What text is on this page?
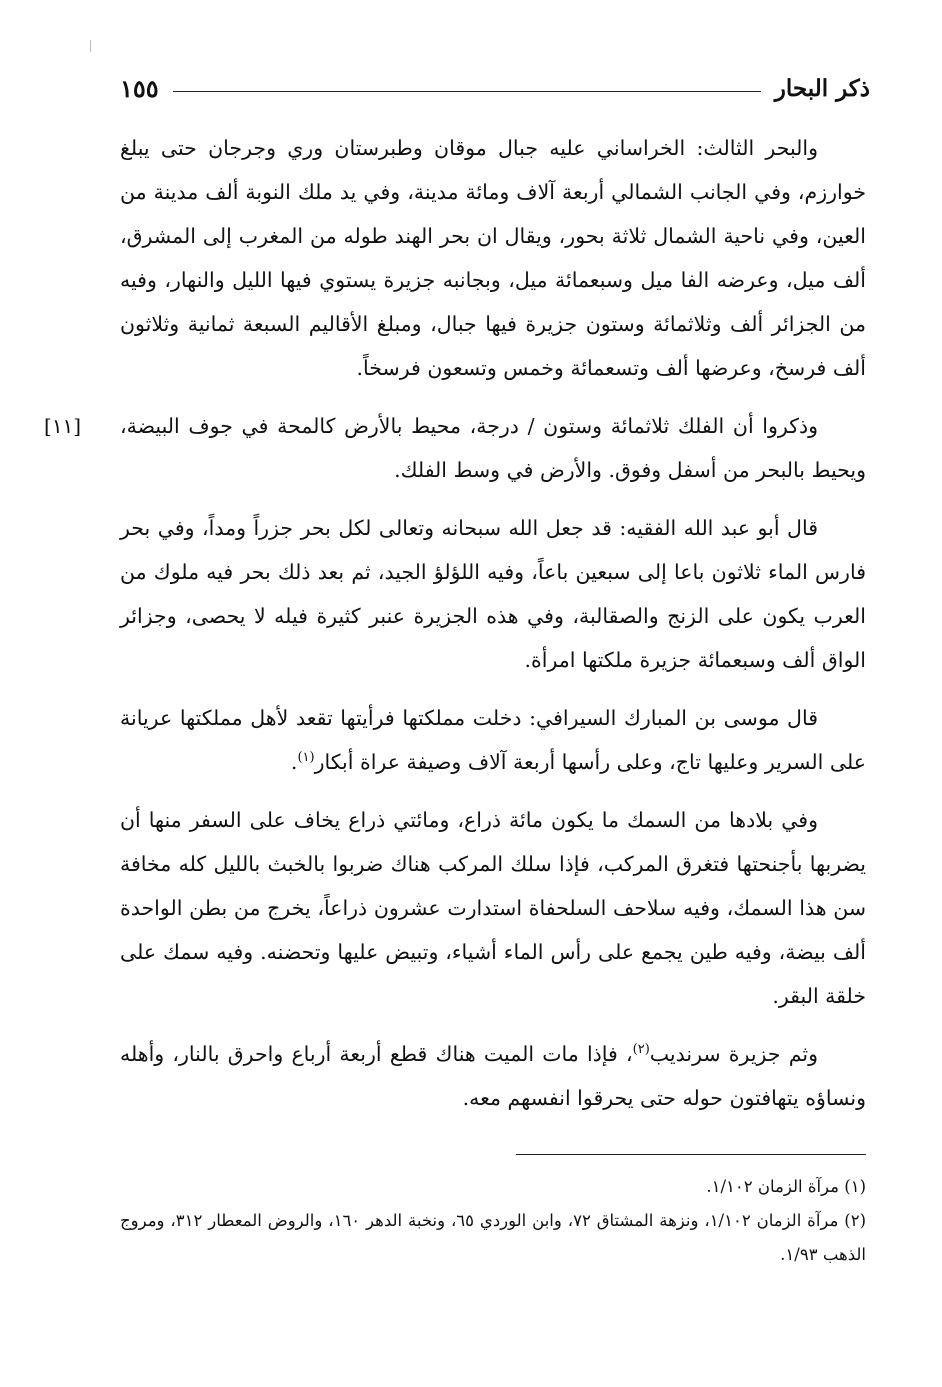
ذكر البحار
١٥٥

والبحر الثالث: الخراساني عليه جبال موقان وطبرستان وري وجرجان حتى يبلغ خوارزم، وفي الجانب الشمالي أربعة آلاف ومائة مدينة، وفي يد ملك النوبة ألف مدينة من العين، وفي ناحية الشمال ثلاثة بحور، ويقال ان بحر الهند طوله من المغرب إلى المشرق، ألف ميل، وعرضه الفا ميل وسبعمائة ميل، وبجانبه جزيرة يستوي فيها الليل والنهار، وفيه من الجزائر ألف وثلاثمائة وستون جزيرة فيها جبال، ومبلغ الأقاليم السبعة ثمانية وثلاثون ألف فرسخ، وعرضها ألف وتسعمائة وخمس وتسعون فرسخاً.

[١١] وذكروا أن الفلك ثلاثمائة وستون / درجة، محيط بالأرض كالمحة في جوف البيضة، ويحيط بالبحر من أسفل وفوق. والأرض في وسط الفلك.

قال أبو عبد الله الفقيه: قد جعل الله سبحانه وتعالى لكل بحر جزراً ومداً، وفي بحر فارس الماء ثلاثون باعا إلى سبعين باعاً، وفيه اللؤلؤ الجيد، ثم بعد ذلك بحر فيه ملوك من العرب يكون على الزنج والصقالبة، وفي هذه الجزيرة عنبر كثيرة فيله لا يحصى، وجزائر الواق ألف وسبعمائة جزيرة ملكتها امرأة.

قال موسى بن المبارك السيرافي: دخلت مملكتها فرأيتها تقعد لأهل مملكتها عريانة على السرير وعليها تاج، وعلى رأسها أربعة آلاف وصيفة عراة أبكار$^{(١)}$.

وفي بلادها من السمك ما يكون مائة ذراع، ومائتي ذراع يخاف على السفر منها أن يضربها بأجنحتها فتغرق المركب، فإذا سلك المركب هناك ضربوا بالخبث بالليل كله مخافة سن هذا السمك، وفيه سلاحف السلحفاة استدارت عشرون ذراعاً، يخرج من بطن الواحدة ألف بيضة، وفيه طين يجمع على رأس الماء أشياء، وتبيض عليها وتحضنه. وفيه سمك على خلقة البقر.

وثم جزيرة سرنديب$^{(٢)}$، فإذا مات الميت هناك قطع أربعة أرباع واحرق بالنار، وأهله ونساؤه يتهافتون حوله حتى يحرقوا انفسهم معه.

(١) مرآة الزمان ١/١٠٢.

(٢) مرآة الزمان ١/١٠٢، ونزهة المشتاق ٧٢، وابن الوردي ٦٥، ونخبة الدهر ١٦٠، والروض المعطار ٣١٢، ومروج الذهب ١/٩٣.
